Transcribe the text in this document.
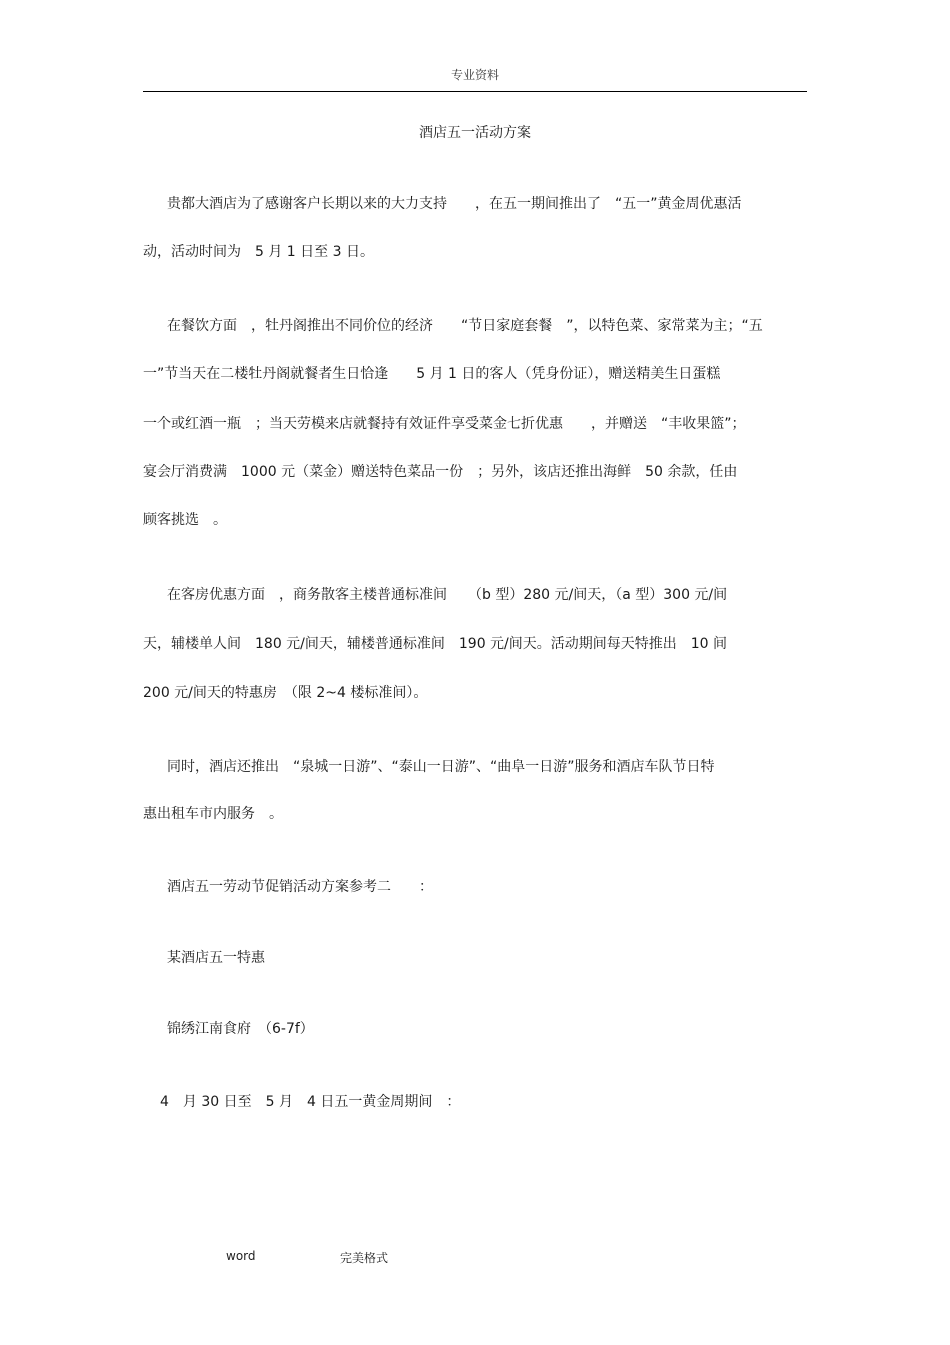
专业资料
酒店五一活动方案
贵都大酒店为了感谢客户长期以来的大力支持　　，在五一期间推出了　“五一”黄金周优惠活
动，活动时间为　5 月 1 日至 3 日。
在餐饮方面　，牡丹阁推出不同价位的经济　　“节日家庭套餐　”，以特色菜、家常菜为主；“五
一”节当天在二楼牡丹阁就餐者生日恰逢　　5 月 1 日的客人（凭身份证），赠送精美生日蛋糕
一个或红酒一瓶　；当天劳模来店就餐持有效证件享受菜金七折优惠　　，并赠送　“丰收果篮”；
宴会厅消费满　1000 元（菜金）赠送特色菜品一份　；另外，该店还推出海鲜　50 余款，任由
顾客挑选　。
在客房优惠方面　，商务散客主楼普通标准间　　（b 型）280 元/间天，（a 型）300 元/间
天，辅楼单人间　180 元/间天，辅楼普通标准间　190 元/间天。活动期间每天特推出　10 间
200 元/间天的特惠房　（限 2~4 楼标准间）。
同时，酒店还推出　“泉城一日游”、“泰山一日游”、“曲阜一日游”服务和酒店车队节日特
惠出租车市内服务　。
酒店五一劳动节促销活动方案参考二　　：
某酒店五一特惠
锦绣江南食府　（6-7f）
4　月 30 日至　5 月　4 日五一黄金周期间　：
word	完美格式
